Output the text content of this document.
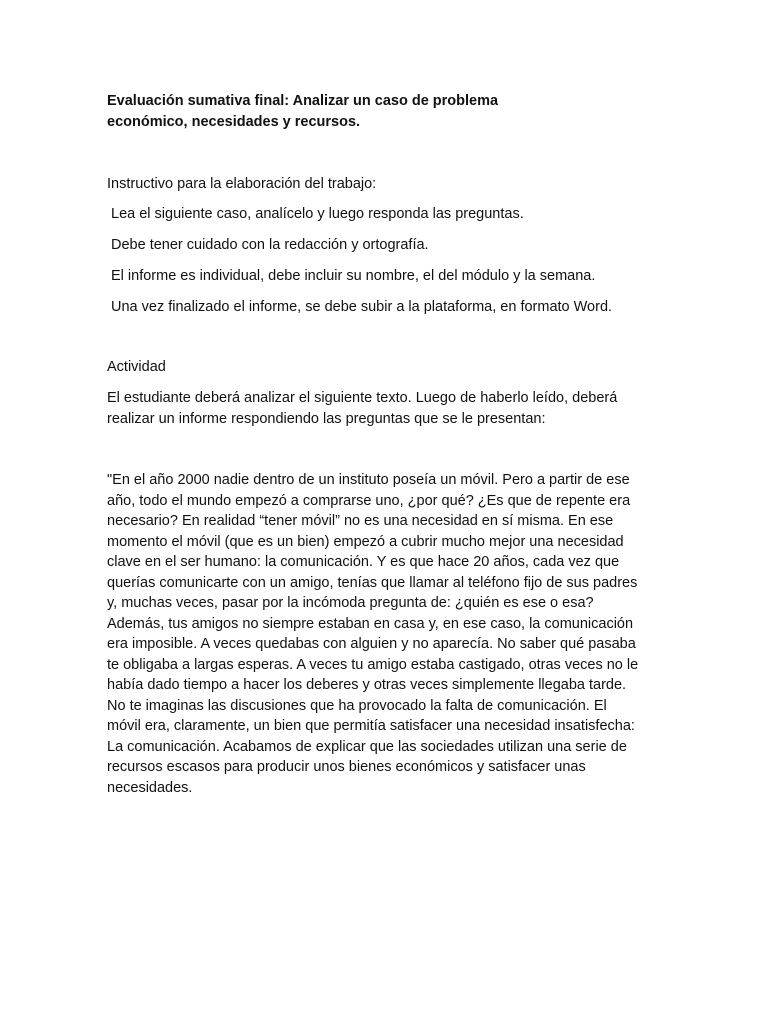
Evaluación sumativa final: Analizar un caso de problema
económico, necesidades y recursos.

Instructivo para la elaboración del trabajo:

Lea el siguiente caso, analícelo y luego responda las preguntas.

Debe tener cuidado con la redacción y ortografía.

El informe es individual, debe incluir su nombre, el del módulo y la semana.

Una vez finalizado el informe, se debe subir a la plataforma, en formato Word.

Actividad

El estudiante deberá analizar el siguiente texto. Luego de haberlo leído, deberá
realizar un informe respondiendo las preguntas que se le presentan:
"En el año 2000 nadie dentro de un instituto poseía un móvil. Pero a partir de ese
año, todo el mundo empezó a comprarse uno, ¿por qué? ¿Es que de repente era
necesario? En realidad “tener móvil” no es una necesidad en sí misma. En ese
momento el móvil (que es un bien) empezó a cubrir mucho mejor una necesidad
clave en el ser humano: la comunicación. Y es que hace 20 años, cada vez que
querías comunicarte con un amigo, tenías que llamar al teléfono fijo de sus padres
y, muchas veces, pasar por la incómoda pregunta de: ¿quién es ese o esa?
Además, tus amigos no siempre estaban en casa y, en ese caso, la comunicación
era imposible. A veces quedabas con alguien y no aparecía. No saber qué pasaba
te obligaba a largas esperas. A veces tu amigo estaba castigado, otras veces no le
había dado tiempo a hacer los deberes y otras veces simplemente llegaba tarde.
No te imaginas las discusiones que ha provocado la falta de comunicación. El
móvil era, claramente, un bien que permitía satisfacer una necesidad insatisfecha:
La comunicación. Acabamos de explicar que las sociedades utilizan una serie de
recursos escasos para producir unos bienes económicos y satisfacer unas
necesidades.
